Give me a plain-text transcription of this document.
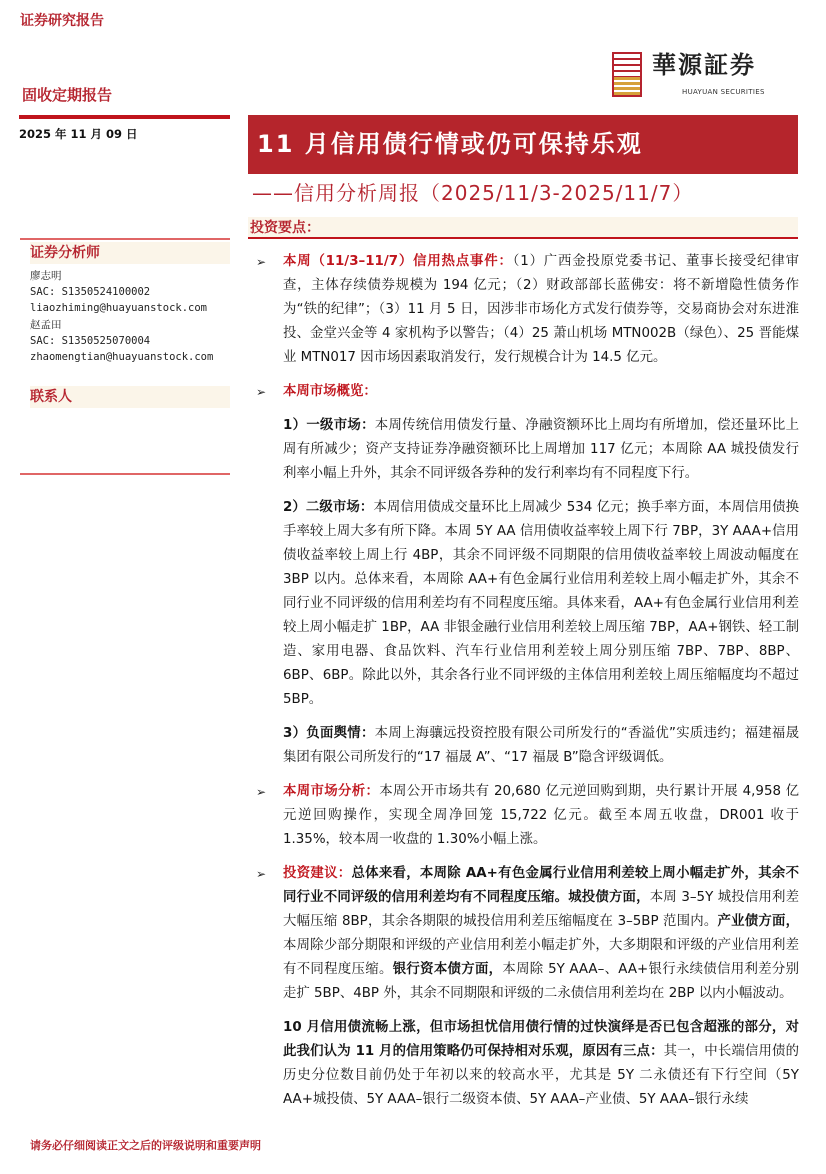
证券研究报告
固收定期报告
2025 年 11 月 09 日
華源証券
HUAYUAN SECURITIES
11 月信用债行情或仍可保持乐观
——信用分析周报（2025/11/3-2025/11/7）
投资要点：
证券分析师
廖志明
SAC: S1350524100002
liaozhiming@huayuanstock.com
赵孟田
SAC: S1350525070004
zhaomengtian@huayuanstock.com
联系人
➢	本周（11/3–11/7）信用热点事件：（1）广西金投原党委书记、董事长接受纪律审查，主体存续债券规模为 194 亿元；（2）财政部部长蓝佛安：将不新增隐性债务作为“铁的纪律”；（3）11 月 5 日，因涉非市场化方式发行债券等，交易商协会对东进淮投、金堂兴金等 4 家机构予以警告；（4）25 萧山机场 MTN002B（绿色）、25 晋能煤业 MTN017 因市场因素取消发行，发行规模合计为 14.5 亿元。
➢	本周市场概览：
1）一级市场：本周传统信用债发行量、净融资额环比上周均有所增加，偿还量环比上周有所减少；资产支持证券净融资额环比上周增加 117 亿元；本周除 AA 城投债发行利率小幅上升外，其余不同评级各券种的发行利率均有不同程度下行。
2）二级市场：本周信用债成交量环比上周减少 534 亿元；换手率方面，本周信用债换手率较上周大多有所下降。本周 5Y AA 信用债收益率较上周下行 7BP，3Y AAA+信用债收益率较上周上行 4BP，其余不同评级不同期限的信用债收益率较上周波动幅度在 3BP 以内。总体来看，本周除 AA+有色金属行业信用利差较上周小幅走扩外，其余不同行业不同评级的信用利差均有不同程度压缩。具体来看，AA+有色金属行业信用利差较上周小幅走扩 1BP，AA 非银金融行业信用利差较上周压缩 7BP，AA+钢铁、轻工制造、家用电器、食品饮料、汽车行业信用利差较上周分别压缩 7BP、7BP、8BP、6BP、6BP。除此以外，其余各行业不同评级的主体信用利差较上周压缩幅度均不超过 5BP。
3）负面舆情：本周上海骧远投资控股有限公司所发行的“香溢优”实质违约；福建福晟集团有限公司所发行的“17 福晟 A”、“17 福晟 B”隐含评级调低。
➢	本周市场分析：本周公开市场共有 20,680 亿元逆回购到期，央行累计开展 4,958 亿元逆回购操作，实现全周净回笼 15,722 亿元。截至本周五收盘，DR001 收于 1.35%，较本周一收盘的 1.30%小幅上涨。
➢	投资建议：总体来看，本周除 AA+有色金属行业信用利差较上周小幅走扩外，其余不同行业不同评级的信用利差均有不同程度压缩。城投债方面，本周 3–5Y 城投信用利差大幅压缩 8BP，其余各期限的城投信用利差压缩幅度在 3–5BP 范围内。产业债方面，本周除少部分期限和评级的产业信用利差小幅走扩外，大多期限和评级的产业信用利差有不同程度压缩。银行资本债方面，本周除 5Y AAA–、AA+银行永续债信用利差分别走扩 5BP、4BP 外，其余不同期限和评级的二永债信用利差均在 2BP 以内小幅波动。
10 月信用债流畅上涨，但市场担忧信用债行情的过快演绎是否已包含超涨的部分，对此我们认为 11 月的信用策略仍可保持相对乐观，原因有三点：其一，中长端信用债的历史分位数目前仍处于年初以来的较高水平，尤其是 5Y 二永债还有下行空间（5Y AA+城投债、5Y AAA–银行二级资本债、5Y AAA–产业债、5Y AAA–银行永续
请务必仔细阅读正文之后的评级说明和重要声明
